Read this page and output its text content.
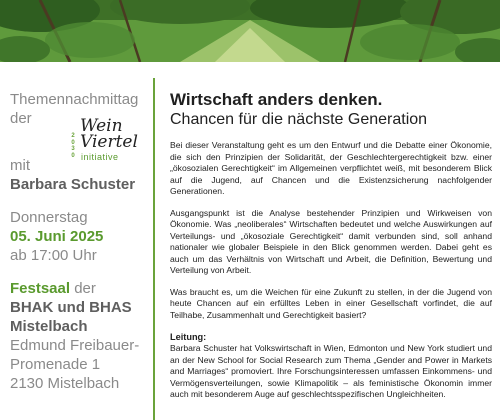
Themennachmittag

der

mit

Barbara Schuster

Donnerstag

05. Juni 2025

ab 17:00 Uhr

Festsaal der

BHAK und BHAS

Mistelbach

Edmund Freibauer-

Promenade 1

2130 Mistelbach

2
0
3
0
Wein
Viertel
initiative

Wirtschaft anders denken.

Chancen für die nächste Generation

Bei dieser Veranstaltung geht es um den Entwurf und die Debatte einer Ökonomie, die sich den Prinzipien der Solidarität, der Geschlechtergerechtigkeit bzw. einer „ökosozialen Gerechtigkeit“ im Allgemeinen verpflichtet weiß, mit besonderem Blick auf die Jugend, auf Chancen und die Existenzsicherung nachfolgender Generationen.

Ausgangspunkt ist die Analyse bestehender Prinzipien und Wirkweisen von Ökonomie. Was „neoliberales“ Wirtschaften bedeutet und welche Auswirkungen auf Verteilungs- und „ökosoziale Gerechtigkeit“ damit verbunden sind, soll anhand nationaler wie globaler Beispiele in den Blick genommen werden. Dabei geht es auch um das Verhältnis von Wirtschaft und Arbeit, die Definition, Bewertung und Verteilung von Arbeit.

Was braucht es, um die Weichen für eine Zukunft zu stellen, in der die Jugend von heute Chancen auf ein erfülltes Leben in einer Gesellschaft vorfindet, die auf Teilhabe, Zusammenhalt und Gerechtigkeit basiert?

Leitung:

Barbara Schuster hat Volkswirtschaft in Wien, Edmonton und New York studiert und an der New School for Social Research zum Thema „Gender and Power in Markets and Marriages“ promoviert. Ihre Forschungsinteressen umfassen Einkommens- und Vermögensverteilungen, sowie Klimapolitik – als feministische Ökonomin immer auch mit besonderem Auge auf geschlechtsspezifischen Ungleichheiten.
